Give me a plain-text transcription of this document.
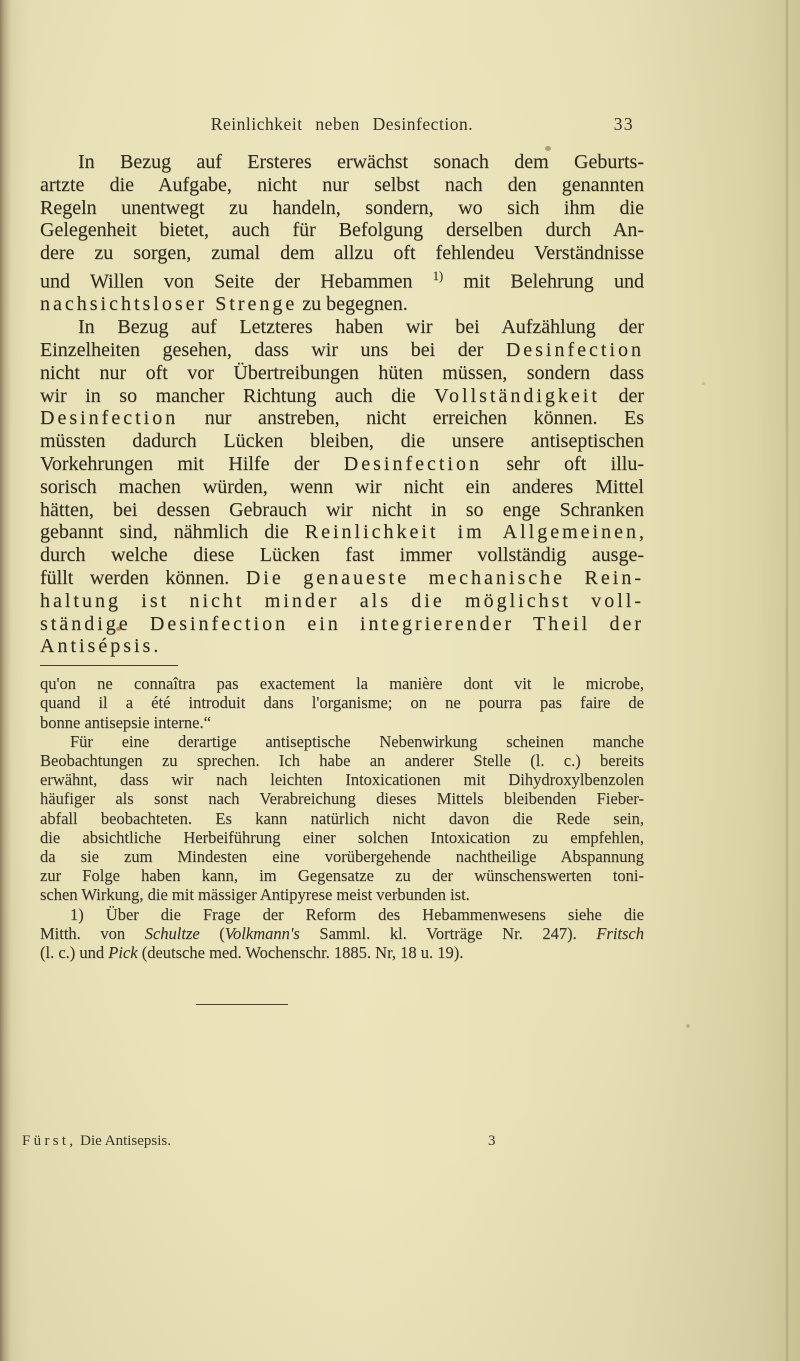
Reinlichkeit neben Desinfection.	33
In Bezug auf Ersteres erwächst sonach dem Geburts-
artzte die Aufgabe, nicht nur selbst nach den genannten
Regeln unentwegt zu handeln, sondern, wo sich ihm die
Gelegenheit bietet, auch für Befolgung derselben durch An-
dere zu sorgen, zumal dem allzu oft fehlendeu Verständnisse
und Willen von Seite der Hebammen $^{1)}$ mit Belehrung und
nachsichtsloser Strenge zu begegnen.
In Bezug auf Letzteres haben wir bei Aufzählung der
Einzelheiten gesehen, dass wir uns bei der Desinfection
nicht nur oft vor Übertreibungen hüten müssen, sondern dass
wir in so mancher Richtung auch die Vollständigkeit der
Desinfection nur anstreben, nicht erreichen können. Es
müssten dadurch Lücken bleiben, die unsere antiseptischen
Vorkehrungen mit Hilfe der Desinfection sehr oft illu-
sorisch machen würden, wenn wir nicht ein anderes Mittel
hätten, bei dessen Gebrauch wir nicht in so enge Schranken
gebannt sind, nähmlich die Reinlichkeit im Allgemeinen,
durch welche diese Lücken fast immer vollständig ausge-
füllt werden können. Die genaueste mechanische Rein-
haltung ist nicht minder als die möglichst voll-
ständige Desinfection ein integrierender Theil der
Antisépsis.
qu'on ne connaîtra pas exactement la manière dont vit le microbe,
quand il a été introduit dans l'organisme; on ne pourra pas faire de
bonne antisepsie interne.“
Für eine derartige antiseptische Nebenwirkung scheinen manche
Beobachtungen zu sprechen. Ich habe an anderer Stelle (l. c.) bereits
erwähnt, dass wir nach leichten Intoxicationen mit Dihydroxylbenzolen
häufiger als sonst nach Verabreichung dieses Mittels bleibenden Fieber-
abfall beobachteten. Es kann natürlich nicht davon die Rede sein,
die absichtliche Herbeiführung einer solchen Intoxication zu empfehlen,
da sie zum Mindesten eine vorübergehende nachtheilige Abspannung
zur Folge haben kann, im Gegensatze zu der wünschenswerten toni-
schen Wirkung, die mit mässiger Antipyrese meist verbunden ist.
1) Über die Frage der Reform des Hebammenwesens siehe die
Mitth. von Schultze (Volkmann's Samml. kl. Vorträge Nr. 247). Fritsch
(l. c.) und Pick (deutsche med. Wochenschr. 1885. Nr, 18 u. 19).
Fürst, Die Antisepsis.	3
